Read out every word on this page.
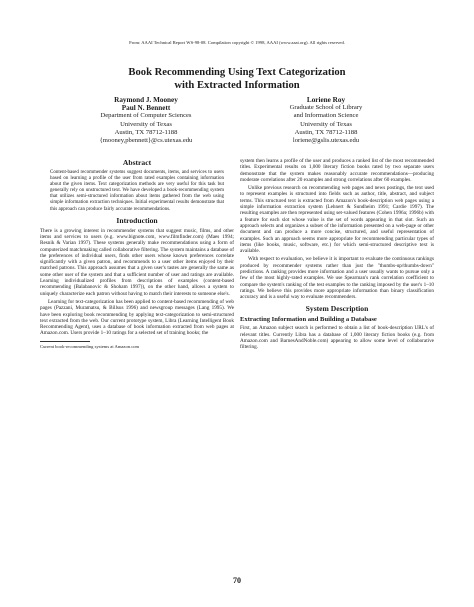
From: AAAI Technical Report WS-98-08. Compilation copyright © 1998, AAAI (www.aaai.org). All rights reserved.
Book Recommending Using Text Categorization
with Extracted Information
Raymond J. Mooney
Paul N. Bennett
Department of Computer Sciences
University of Texas
Austin, TX 78712-1188
{mooney,pbennett}@cs.utexas.edu
Loriene Roy
Graduate School of Library
and Information Science
University of Texas
Austin, TX 78712-1188
loriene@gslis.utexas.edu
Abstract
Content-based recommender systems suggest documents, items, and services to users based on learning a profile of the user from rated examples containing information about the given items. Text categorization methods are very useful for this task but generally rely on unstructured text. We have developed a book-recommending system that utilizes semi-structured information about items gathered from the web using simple information extraction techniques. Initial experimental results demonstrate that this approach can produce fairly accurate recommendations.
Introduction
There is a growing interest in recommender systems that suggest music, films, and other items and services to users (e.g. www.bignote.com, www.filmfinder.com) (Maes 1994; Resnik & Varian 1997). These systems generally make recommendations using a form of computerized matchmaking called collaborative filtering. The system maintains a database of the preferences of individual users, finds other users whose known preferences correlate significantly with a given patron, and recommends to a user other items enjoyed by their matched patrons. This approach assumes that a given user's tastes are generally the same as some other user of the system and that a sufficient number of user and ratings are available. Learning individualized profiles from descriptions of examples (content-based recommending (Balabanovic & Shoham 1997)), on the other hand, allows a system to uniquely characterize each patron without having to match their interests to someone else's.
Learning for text-categorization has been applied to content-based recommending of web pages (Pazzani, Muramatsu, & Billsus 1996) and newsgroup messages (Lang 1995). We have been exploring book recommending by applying text-categorization to semi-structured text extracted from the web. Our current prototype system, Libra (Learning Intelligent Book Recommending Agent), uses a database of book information extracted from web pages at Amazon.com. Users provide 1–10 ratings for a selected set of training books; the
Current book-recommending systems at Amazon.com
system then learns a profile of the user and produces a ranked list of the most recommended titles. Experimental results on 1,000 literary fiction books rated by two separate users demonstrate that the system makes reasonably accurate recommendations—producing moderate correlations after 20 examples and strong correlations after 60 examples.
Unlike previous research on recommending web pages and news postings, the text used to represent examples is structured into fields such as author, title, abstract, and subject terms. This structured text is extracted from Amazon's book-description web pages using a simple information extraction system (Lehnert & Sundheim 1991; Cardie 1997). The resulting examples are then represented using set-valued features (Cohen 1996a; 1996b) with a feature for each slot whose value is the set of words appearing in that slot. Such an approach selects and organizes a subset of the information presented on a web-page or other document and can produce a more concise, structured, and useful representation of examples. Such an approach seems more appropriate for recommending particular types of items (like books, music, software, etc.) for which semi-structured descriptive text is available.
With respect to evaluation, we believe it is important to evaluate the continuous rankings produced by recommender systems rather than just the "thumbs-up/thumbs-down" predictions. A ranking provides more information and a user usually wants to pursue only a few of the most highly-rated examples. We use Spearman's rank correlation coefficient to compare the system's ranking of the test examples to the ranking imposed by the user's 1–10 ratings. We believe this provides more appropriate information than binary classification accuracy and is a useful way to evaluate recommenders.
System Description
Extracting Information and Building a Database
First, an Amazon subject search is performed to obtain a list of book-description URL's of relevant titles. Currently Libra has a database of 1,000 literary fiction books (e.g. from Amazon.com and BarnesAndNoble.com) appearing to allow some level of collaborative filtering.
70
